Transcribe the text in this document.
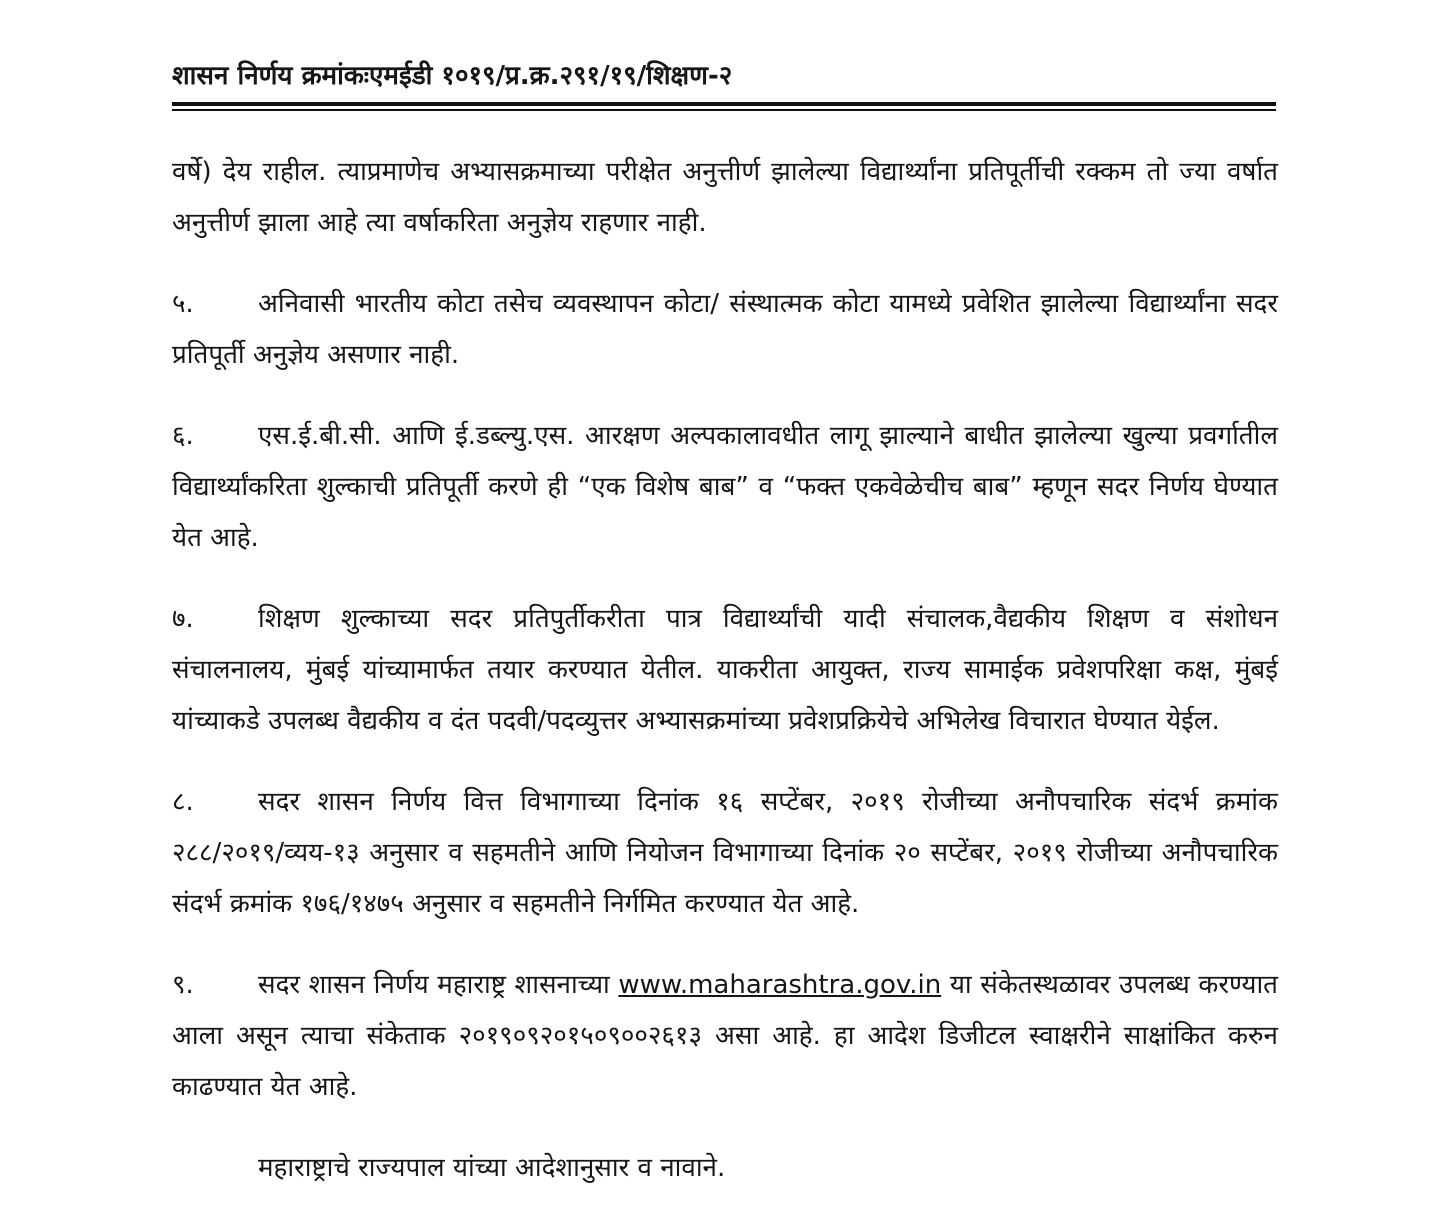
शासन निर्णय क्रमांकःएमईडी १०१९/प्र.क्र.२९१/१९/शिक्षण-२

वर्षे) देय राहील. त्याप्रमाणेच अभ्यासक्रमाच्या परीक्षेत अनुत्तीर्ण झालेल्या विद्यार्थ्यांना प्रतिपूर्तीची रक्कम तो ज्या वर्षात अनुत्तीर्ण झाला आहे त्या वर्षाकरिता अनुज्ञेय राहणार नाही.

५. अनिवासी भारतीय कोटा तसेच व्यवस्थापन कोटा/ संस्थात्मक कोटा यामध्ये प्रवेशित झालेल्या विद्यार्थ्यांना सदर प्रतिपूर्ती अनुज्ञेय असणार नाही.

६. एस.ई.बी.सी. आणि ई.डब्ल्यु.एस. आरक्षण अल्पकालावधीत लागू झाल्याने बाधीत झालेल्या खुल्या प्रवर्गातील विद्यार्थ्यांकरिता शुल्काची प्रतिपूर्ती करणे ही “एक विशेष बाब” व “फक्त एकवेळेचीच बाब” म्हणून सदर निर्णय घेण्यात येत आहे.

७. शिक्षण शुल्काच्या सदर प्रतिपुर्तीकरीता पात्र विद्यार्थ्यांची यादी संचालक,वैद्यकीय शिक्षण व संशोधन संचालनालय, मुंबई यांच्यामार्फत तयार करण्यात येतील. याकरीता आयुक्त, राज्य सामाईक प्रवेशपरिक्षा कक्ष, मुंबई यांच्याकडे उपलब्ध वैद्यकीय व दंत पदवी/पदव्युत्तर अभ्यासक्रमांच्या प्रवेशप्रक्रियेचे अभिलेख विचारात घेण्यात येईल.

८. सदर शासन निर्णय वित्त विभागाच्या दिनांक १६ सप्टेंबर, २०१९ रोजीच्या अनौपचारिक संदर्भ क्रमांक २८८/२०१९/व्यय-१३ अनुसार व सहमतीने आणि नियोजन विभागाच्या दिनांक २० सप्टेंबर, २०१९ रोजीच्या अनौपचारिक संदर्भ क्रमांक १७६/१४७५ अनुसार व सहमतीने निर्गमित करण्यात येत आहे.

९. सदर शासन निर्णय महाराष्ट्र शासनाच्या www.maharashtra.gov.in या संकेतस्थळावर उपलब्ध करण्यात आला असून त्याचा संकेताक २०१९०९२०१५०९००२६१३ असा आहे. हा आदेश डिजीटल स्वाक्षरीने साक्षांकित करुन काढण्यात येत आहे.

महाराष्ट्राचे राज्यपाल यांच्या आदेशानुसार व नावाने.
